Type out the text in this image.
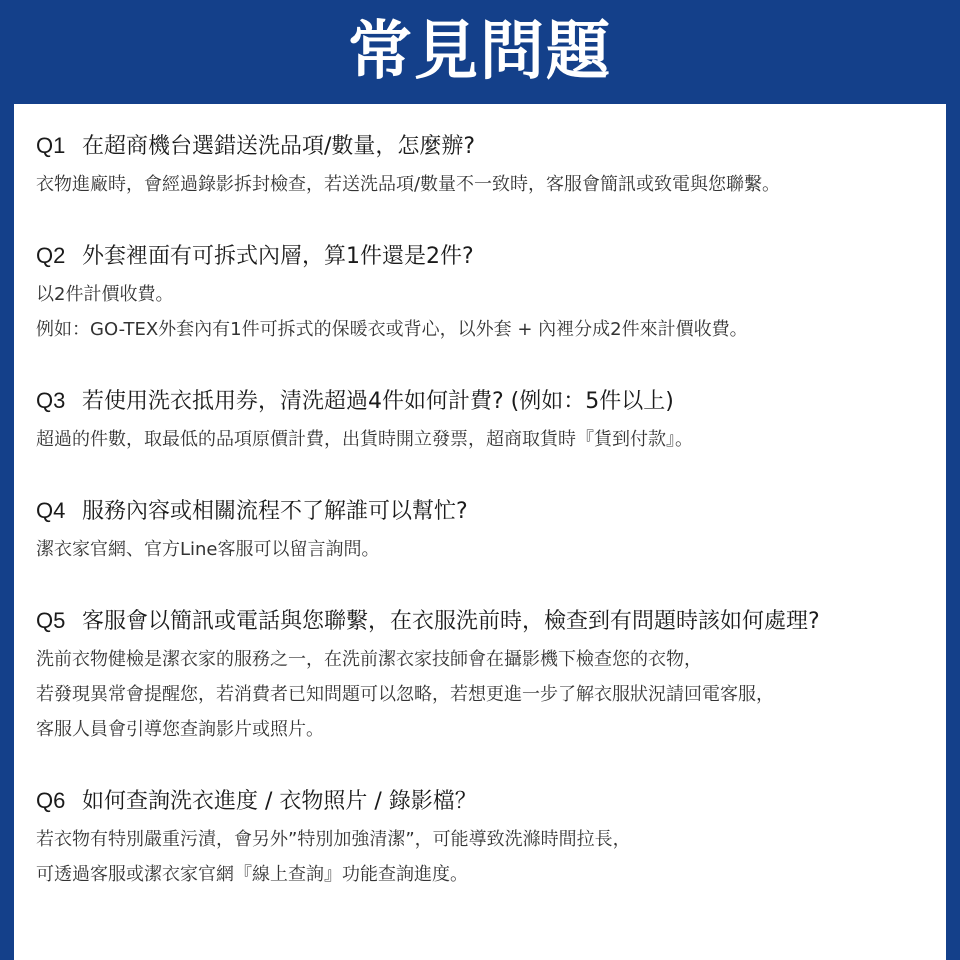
常見問題
Q1 在超商機台選錯送洗品項/數量，怎麼辦?
衣物進廠時，會經過錄影拆封檢查，若送洗品項/數量不一致時，客服會簡訊或致電與您聯繫。
Q2 外套裡面有可拆式內層，算1件還是2件?
以2件計價收費。
例如：GO-TEX外套內有1件可拆式的保暖衣或背心，以外套 + 內裡分成2件來計價收費。
Q3 若使用洗衣抵用券，清洗超過4件如何計費? (例如：5件以上)
超過的件數，取最低的品項原價計費，出貨時開立發票，超商取貨時『貨到付款』。
Q4 服務內容或相關流程不了解誰可以幫忙?
潔衣家官網、官方Line客服可以留言詢問。
Q5 客服會以簡訊或電話與您聯繫，在衣服洗前時，檢查到有問題時該如何處理?
洗前衣物健檢是潔衣家的服務之一，在洗前潔衣家技師會在攝影機下檢查您的衣物，
若發現異常會提醒您，若消費者已知問題可以忽略，若想更進一步了解衣服狀況請回電客服，
客服人員會引導您查詢影片或照片。
Q6 如何查詢洗衣進度 / 衣物照片 / 錄影檔？
若衣物有特別嚴重污漬，會另外”特別加強清潔”，可能導致洗滌時間拉長，
可透過客服或潔衣家官網『線上查詢』功能查詢進度。
